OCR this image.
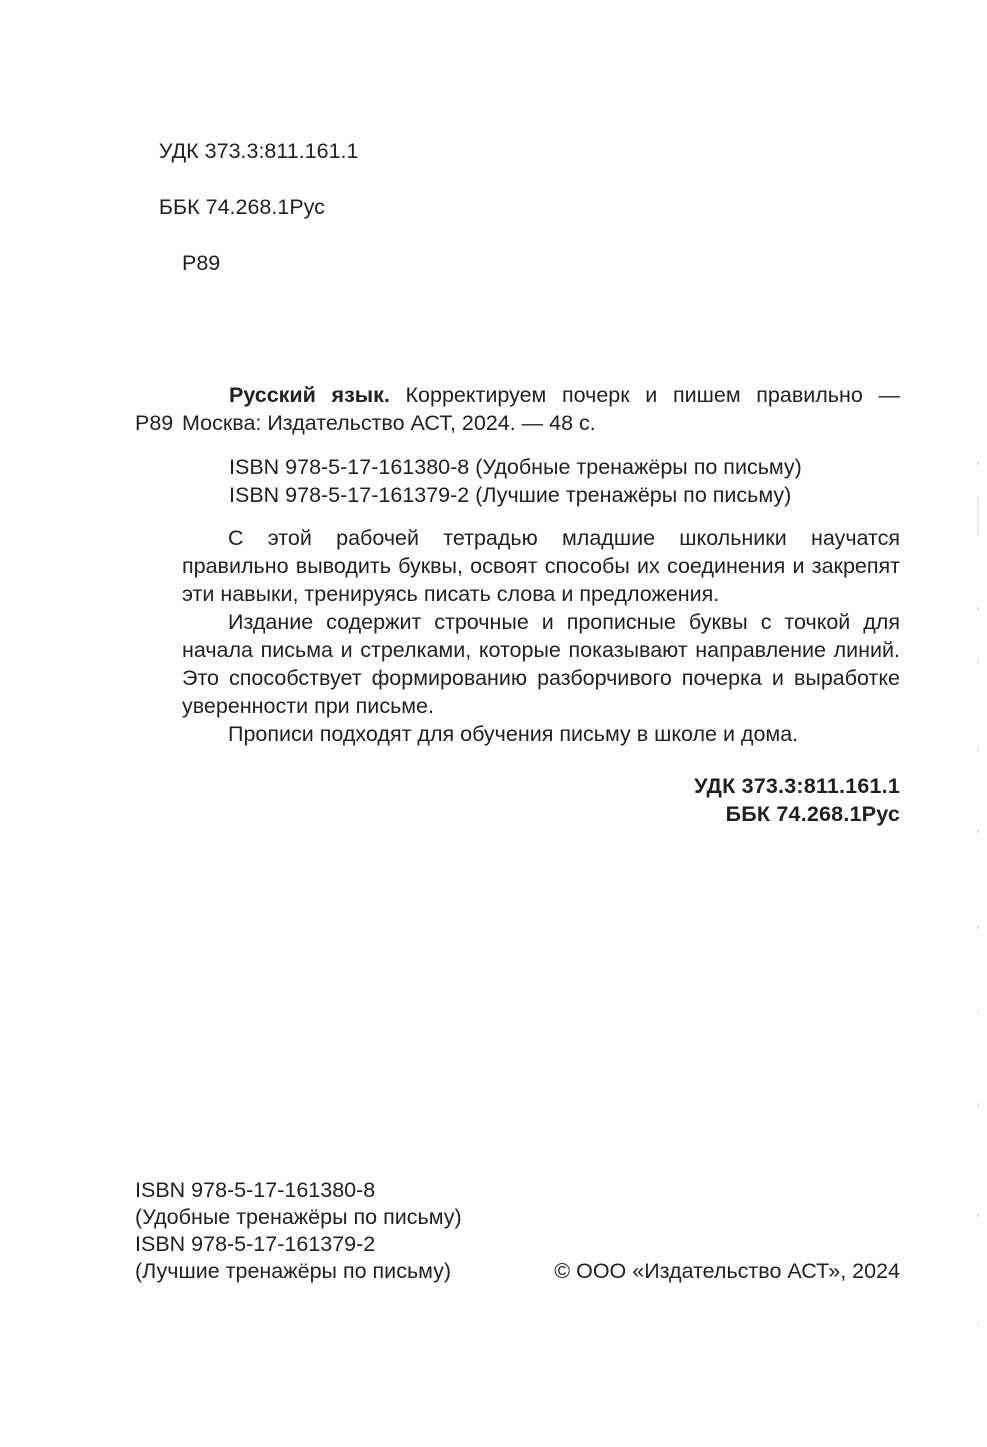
УДК 373.3:811.161.1

ББК 74.268.1Рус

Р89

Р89
Русский язык. Корректируем почерк и пишем правильно — Москва: Издательство АСТ, 2024. — 48 с.
ISBN 978-5-17-161380-8 (Удобные тренажёры по письму)
ISBN 978-5-17-161379-2 (Лучшие тренажёры по письму)

С этой рабочей тетрадью младшие школьники научатся правильно выводить буквы, освоят способы их соединения и закрепят эти навыки, тренируясь писать слова и предложения.

Издание содержит строчные и прописные буквы с точкой для начала письма и стрелками, которые показывают направление линий. Это способствует формированию разборчивого почерка и выработке уверенности при письме.

Прописи подходят для обучения письму в школе и дома.

УДК 373.3:811.161.1
ББК 74.268.1Рус
ISBN 978-5-17-161380-8
(Удобные тренажёры по письму)
ISBN 978-5-17-161379-2
(Лучшие тренажёры по письму)	© ООО «Издательство АСТ», 2024
